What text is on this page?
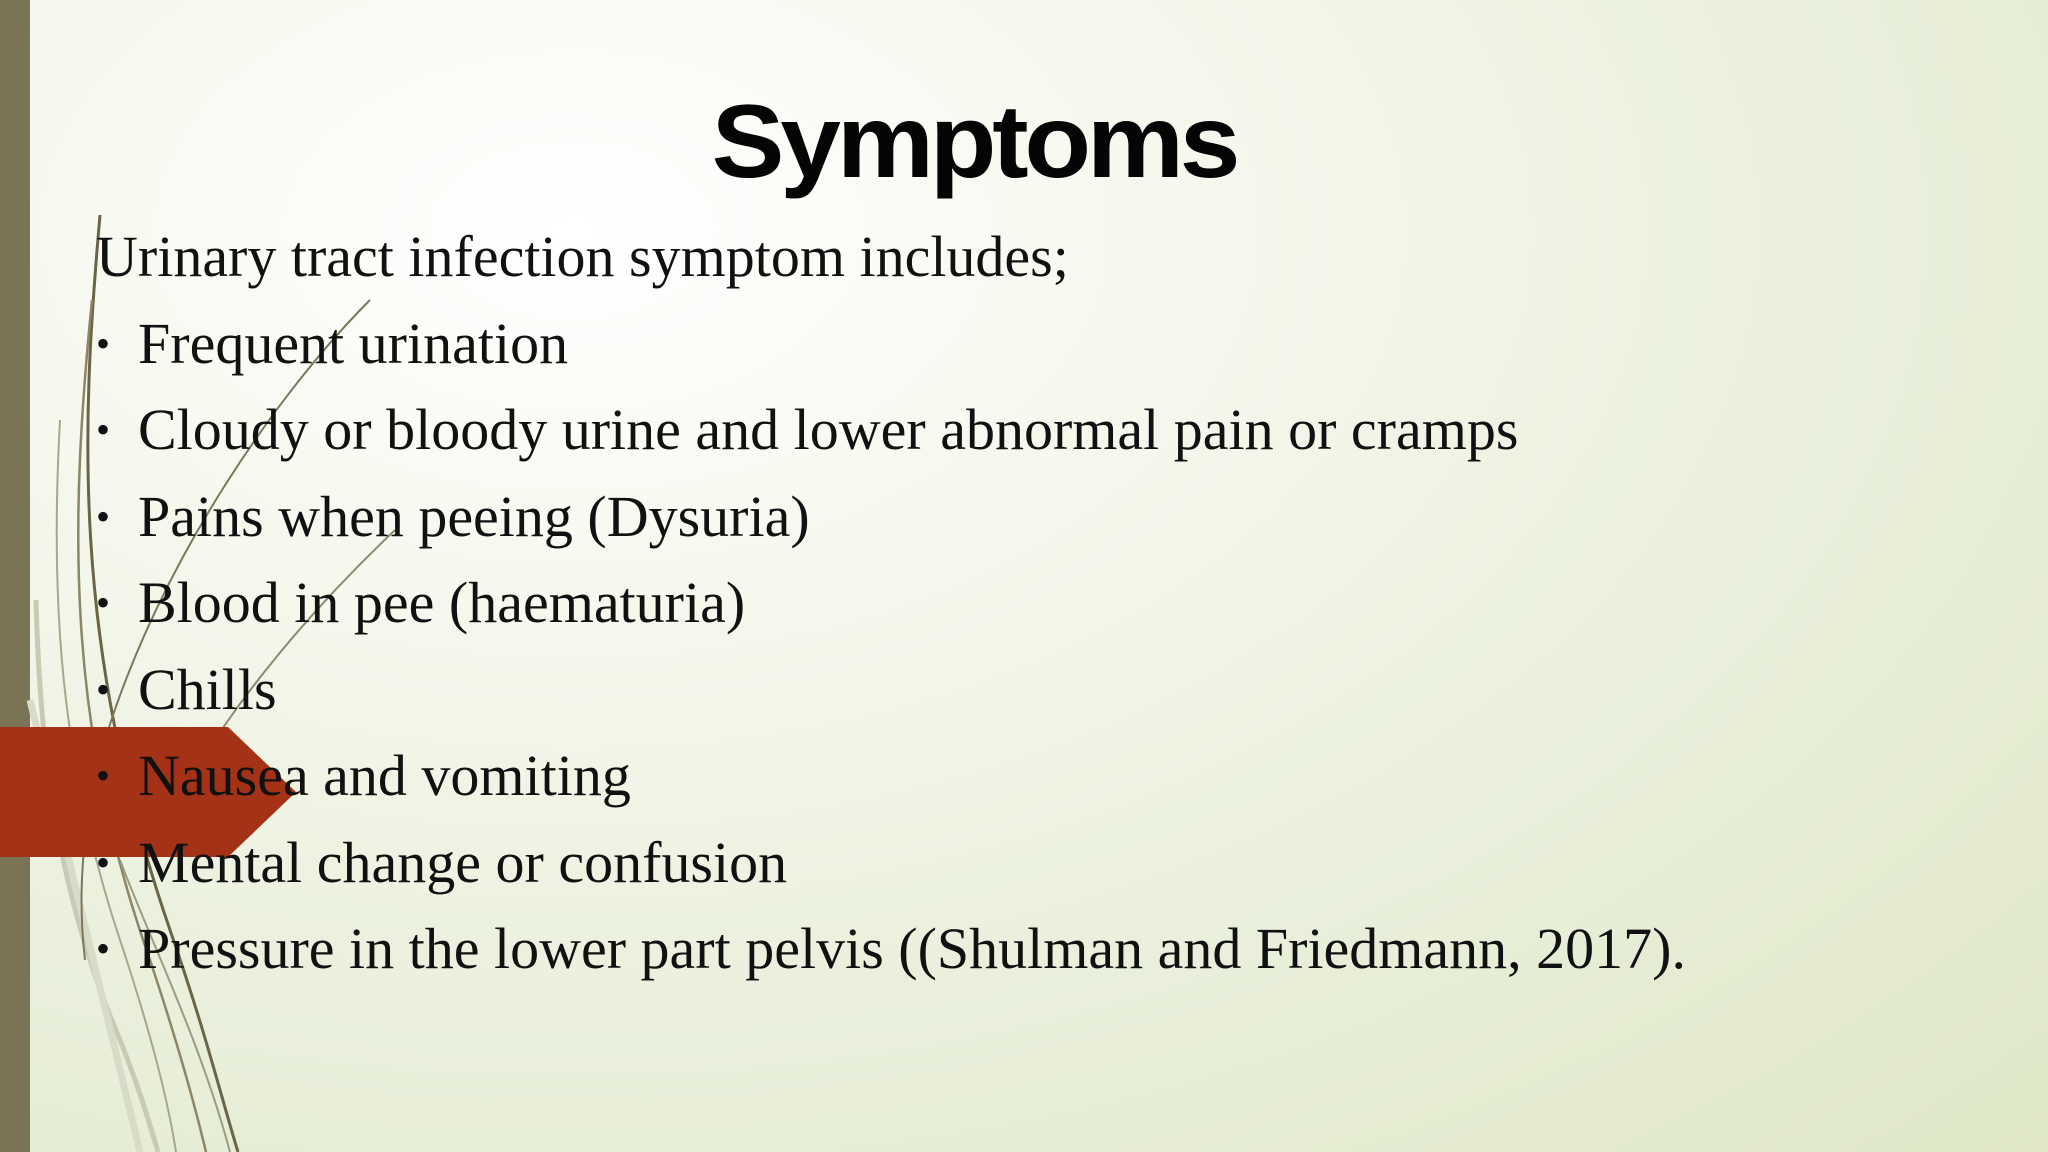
Symptoms

Urinary tract infection symptom includes;

• Frequent urination
• Cloudy or bloody urine and lower abnormal pain or cramps
• Pains when peeing (Dysuria)
• Blood in pee (haematuria)
• Chills
• Nausea and vomiting
• Mental change or confusion
• Pressure in the lower part pelvis ((Shulman and Friedmann, 2017).
